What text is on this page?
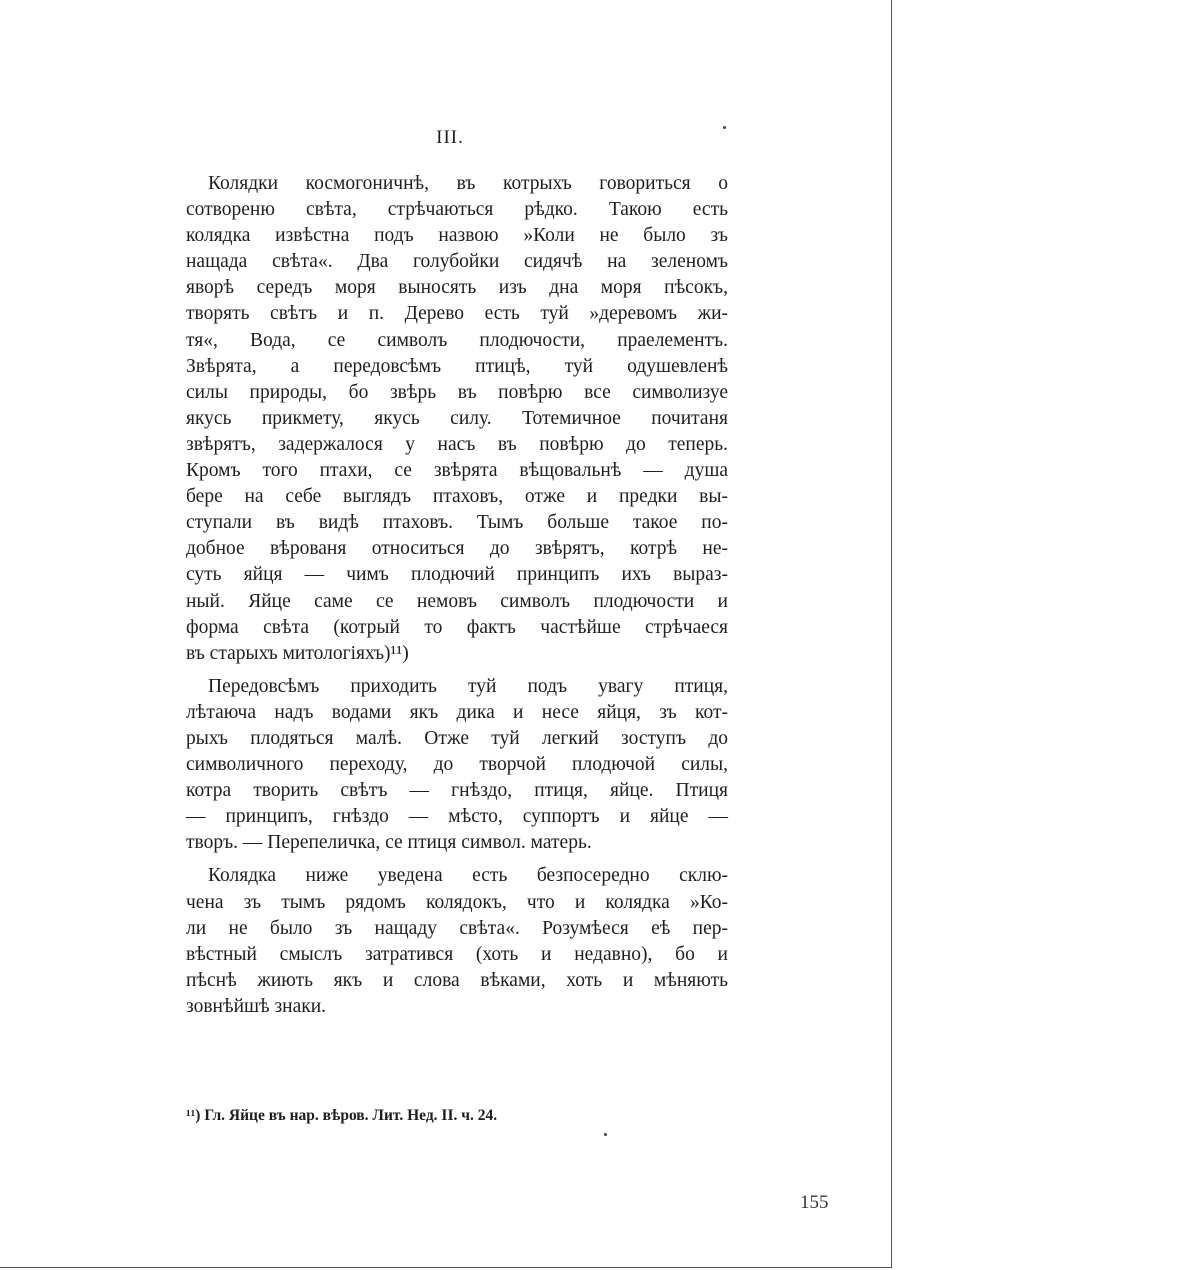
III.
Колядки космогоничнѣ, въ котрыхъ говориться о
сотвореню свѣта, стрѣчаються рѣдко. Такою есть
колядка извѣстна подъ назвою »Коли не было зъ
нащада свѣта«. Два голубойки сидячѣ на зеленомъ
яворѣ середъ моря выносять изъ дна моря пѣсокъ,
творять свѣтъ и п. Дерево есть туй »деревомъ жи-
тя«, Вода, се символъ плодючости, праелементъ.
Звѣрята, а передовсѣмъ птицѣ, туй одушевленѣ
силы природы, бо звѣрь въ повѣрю все символизуе
якусь прикмету, якусь силу. Тотемичное почитаня
звѣрятъ, задержалося у насъ въ повѣрю до теперь.
Кромъ того птахи, се звѣрята вѣщовальнѣ — душа
бере на себе выглядъ птаховъ, отже и предки вы-
ступали въ видѣ птаховъ. Тымъ больше такое по-
добное вѣрованя относиться до звѣрятъ, котрѣ не-
суть яйця — чимъ плодючий принципъ ихъ выраз-
ный. Яйце саме се немовъ символъ плодючости и
форма свѣта (котрый то фактъ частѣйше стрѣчаеся
въ старыхъ митологiяхъ)¹¹)
Передовсѣмъ приходить туй подъ увагу птиця,
лѣтаюча надъ водами якъ дика и несе яйця, зъ кот-
рыхъ плодяться малѣ. Отже туй легкий зоступъ до
символичного переходу, до творчой плодючой силы,
котра творить свѣтъ — гнѣздо, птиця, яйце. Птиця
— принципъ, гнѣздо — мѣсто, суппортъ и яйце —
творъ. — Перепеличка, се птиця символ. матерь.
Колядка ниже уведена есть безпосередно склю-
чена зъ тымъ рядомъ колядокъ, что и колядка »Ко-
ли не было зъ нащаду свѣта«. Розумѣеся еѣ пер-
вѣстный смыслъ затратився (хоть и недавно), бо и
пѣснѣ жиють якъ и слова вѣками, хоть и мѣняють
зовнѣйшѣ знаки.
¹¹) Гл. Яйце въ нар. вѣров. Лит. Нед. II. ч. 24.
155
